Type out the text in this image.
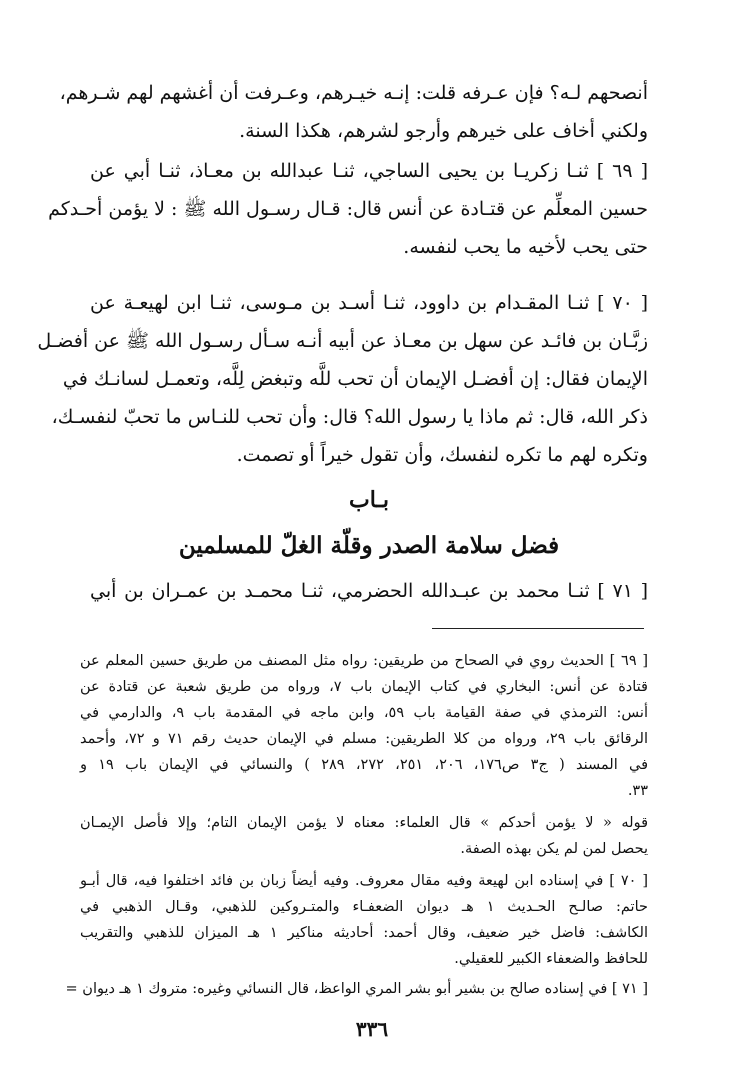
أنصحهم لـه؟ فإن عـرفه قلت: إنـه خيـرهم، وعـرفت أن أغشهم لهم شـرهم،
ولكني أخاف على خيرهم وأرجو لشرهم، هكذا السنة.
[ ٦٩ ] ثنـا زكريـا بن يحيى الساجي، ثنـا عبدالله بن معـاذ، ثنـا أبي عن
حسين المعلِّم عن قتـادة عن أنس قال: قـال رسـول الله ﷺ : لا يؤمن أحـدكم
حتى يحب لأخيه ما يحب لنفسه.
[ ٧٠ ] ثنـا المقـدام بن داوود، ثنـا أسـد بن مـوسى، ثنـا ابن لهيعـة عن
زبَّـان بن فائـد عن سهل بن معـاذ عن أبيه أنـه سـأل رسـول الله ﷺ عن أفضـل
الإيمان فقال: إن أفضـل الإيمان أن تحب للَّه وتبغض لِلَّه، وتعمـل لسانـك في
ذكر الله، قال: ثم ماذا يا رسول الله؟ قال: وأن تحب للنـاس ما تحبّ لنفسـك،
وتكره لهم ما تكره لنفسك، وأن تقول خيراً أو تصمت.
بـاب
فضل سلامة الصدر وقلّة الغلّ للمسلمين
[ ٧١ ] ثنـا محمد بن عبـدالله الحضرمي، ثنـا محمـد بن عمـران بن أبي
[ ٦٩ ] الحديث روي في الصحاح من طريقين: رواه مثل المصنف من طريق حسين المعلم عن
قتادة عن أنس: البخاري في كتاب الإيمان باب ٧، ورواه من طريق شعبة عن قتادة عن
أنس: الترمذي في صفة القيامة باب ٥٩، وابن ماجه في المقدمة باب ٩، والدارمي في
الرقائق باب ٢٩، ورواه من كلا الطريقين: مسلم في الإيمان حديث رقم ٧١ و ٧٢، وأحمد
في المسند ( ج٣ ص١٧٦، ٢٠٦، ٢٥١، ٢٧٢، ٢٨٩ ) والنسائي في الإيمان باب ١٩ و
٣٣.
قوله « لا يؤمن أحدكم » قال العلماء: معناه لا يؤمن الإيمان التام؛ وإلا فأصل الإيمـان
يحصل لمن لم يكن بهذه الصفة.
[ ٧٠ ] في إسناده ابن لهيعة وفيه مقال معروف. وفيه أيضاً زبان بن فائد اختلفوا فيه، قال أبـو
حاتم: صالـح الحـديث ١ هـ ديوان الضعفـاء والمتـروكين للذهبي، وقـال الذهبي في
الكاشف: فاضل خير ضعيف، وقال أحمد: أحاديثه مناكير ١ هـ الميزان للذهبي والتقريب
للحافظ والضعفاء الكبير للعقيلي.
[ ٧١ ] في إسناده صالح بن بشير أبو بشر المري الواعظ، قال النسائي وغيره: متروك ١ هـ ديوان =
٣٣٦
